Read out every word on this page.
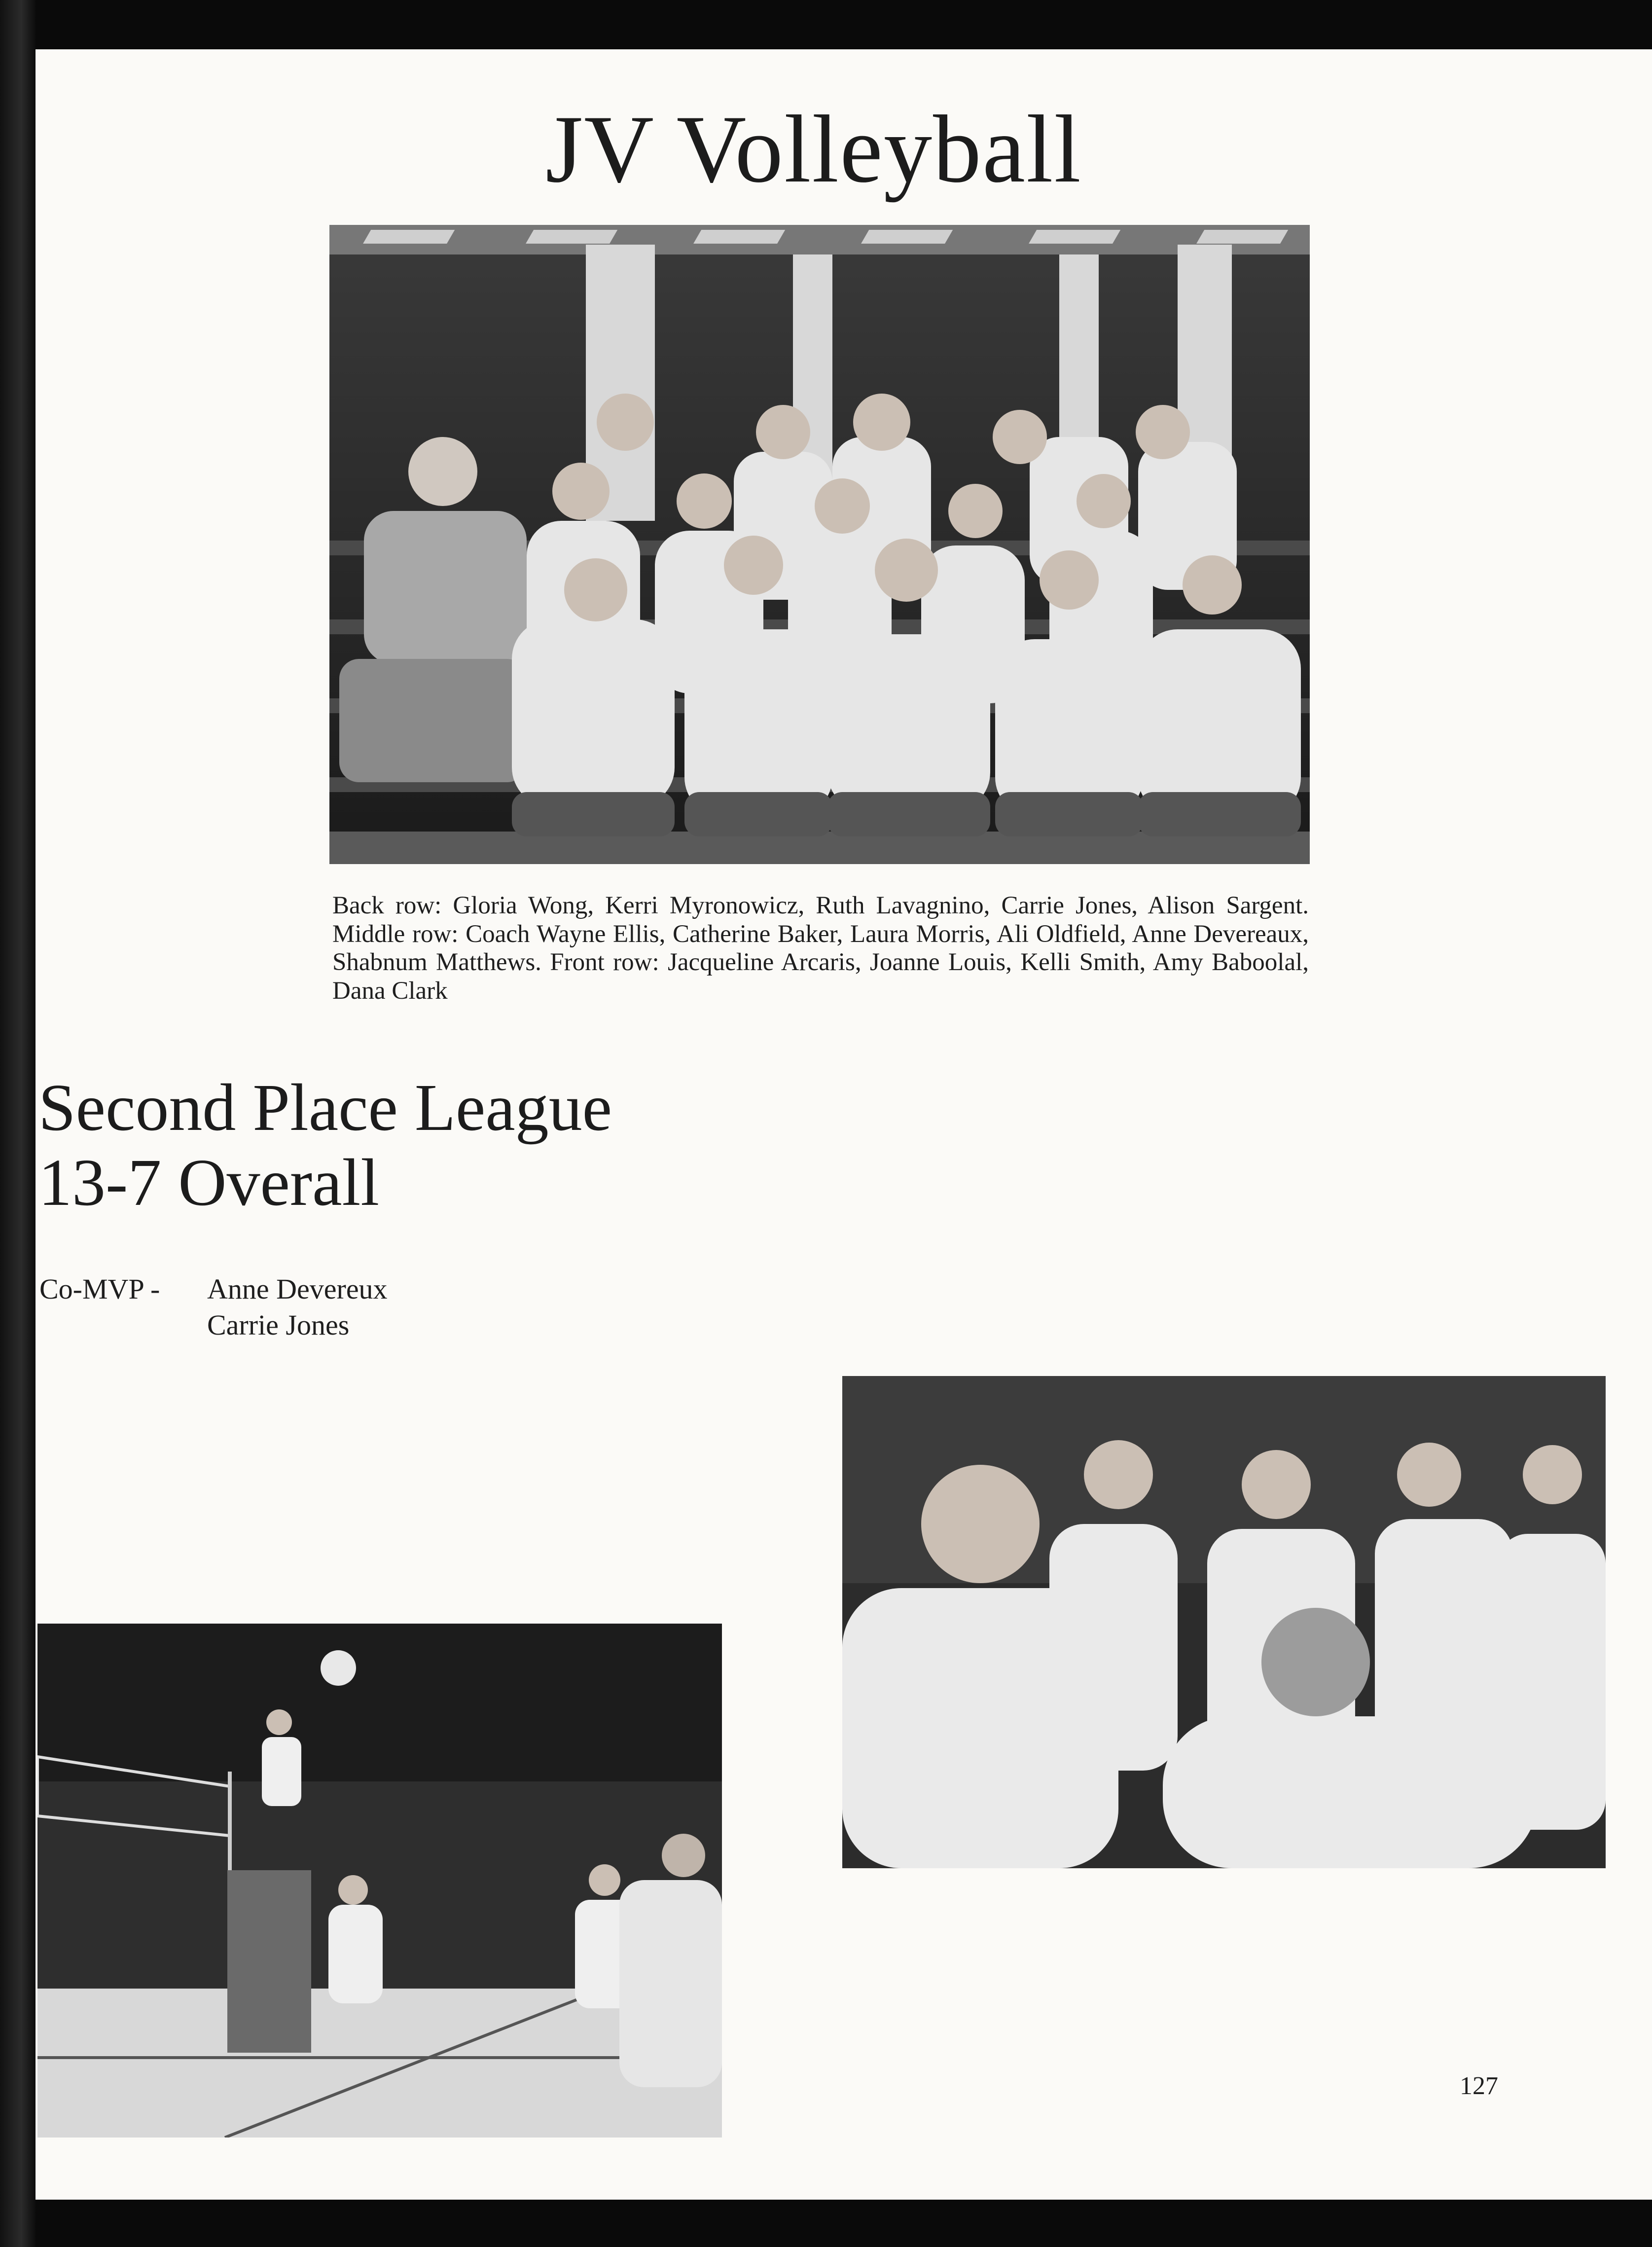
JV Volleyball
Back row: Gloria Wong, Kerri Myronowicz, Ruth Lavagnino, Carrie Jones, Alison Sargent. Middle row: Coach Wayne Ellis, Catherine Baker, Laura Morris, Ali Oldfield, Anne Devereaux, Shabnum Matthews. Front row: Jacqueline Arcaris, Joanne Louis, Kelli Smith, Amy Baboolal, Dana Clark
Second Place League
13-7 Overall
Co-MVP -	Anne Devereux
Carrie Jones
127
